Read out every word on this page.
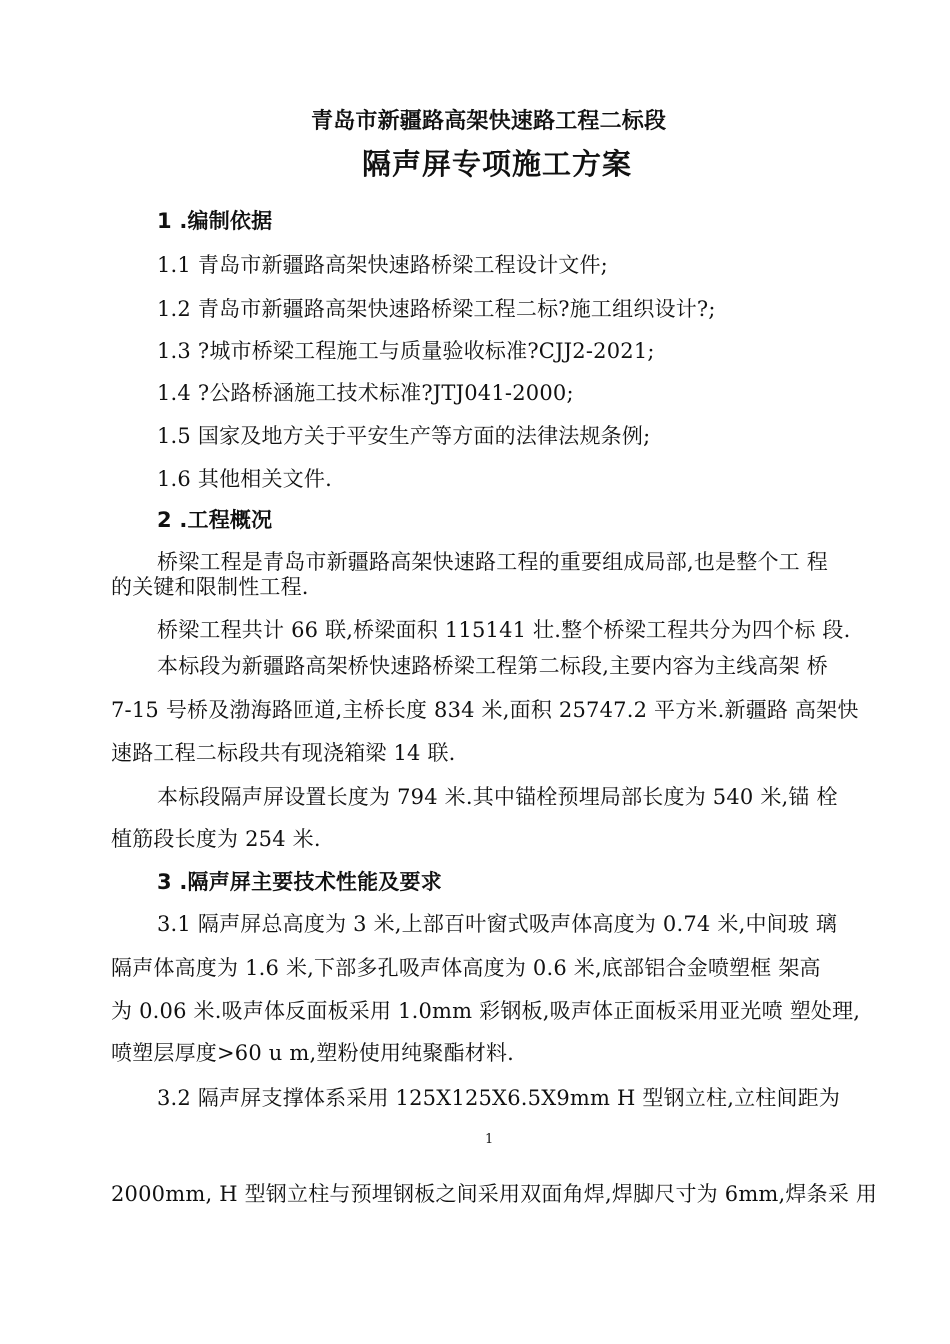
青岛市新疆路高架快速路工程二标段
隔声屏专项施工方案
1 .编制依据
1.1 青岛市新疆路高架快速路桥梁工程设计文件;
1.2 青岛市新疆路高架快速路桥梁工程二标?施工组织设计?;
1.3 ?城市桥梁工程施工与质量验收标准?CJJ2-2021;
1.4 ?公路桥涵施工技术标准?JTJ041-2000;
1.5 国家及地方关于平安生产等方面的法律法规条例;
1.6 其他相关文件.
2 .工程概况
桥梁工程是青岛市新疆路高架快速路工程的重要组成局部,也是整个工 程
的关键和限制性工程.
桥梁工程共计 66 联,桥梁面积 115141 壮.整个桥梁工程共分为四个标 段.
本标段为新疆路高架桥快速路桥梁工程第二标段,主要内容为主线高架 桥
7-15 号桥及渤海路匝道,主桥长度 834 米,面积 25747.2 平方米.新疆路 高架快
速路工程二标段共有现浇箱梁 14 联.
本标段隔声屏设置长度为 794 米.其中锚栓预埋局部长度为 540 米,锚 栓
植筋段长度为 254 米.
3 .隔声屏主要技术性能及要求
3.1 隔声屏总高度为 3 米,上部百叶窗式吸声体高度为 0.74 米,中间玻 璃
隔声体高度为 1.6 米,下部多孔吸声体高度为 0.6 米,底部铝合金喷塑框 架高
为 0.06 米.吸声体反面板采用 1.0mm 彩钢板,吸声体正面板采用亚光喷 塑处理,
喷塑层厚度>60 u m,塑粉使用纯聚酯材料.
3.2 隔声屏支撑体系采用 125X125X6.5X9mm H 型钢立柱,立柱间距为
1
2000mm, H 型钢立柱与预埋钢板之间采用双面角焊,焊脚尺寸为 6mm,焊条采 用
